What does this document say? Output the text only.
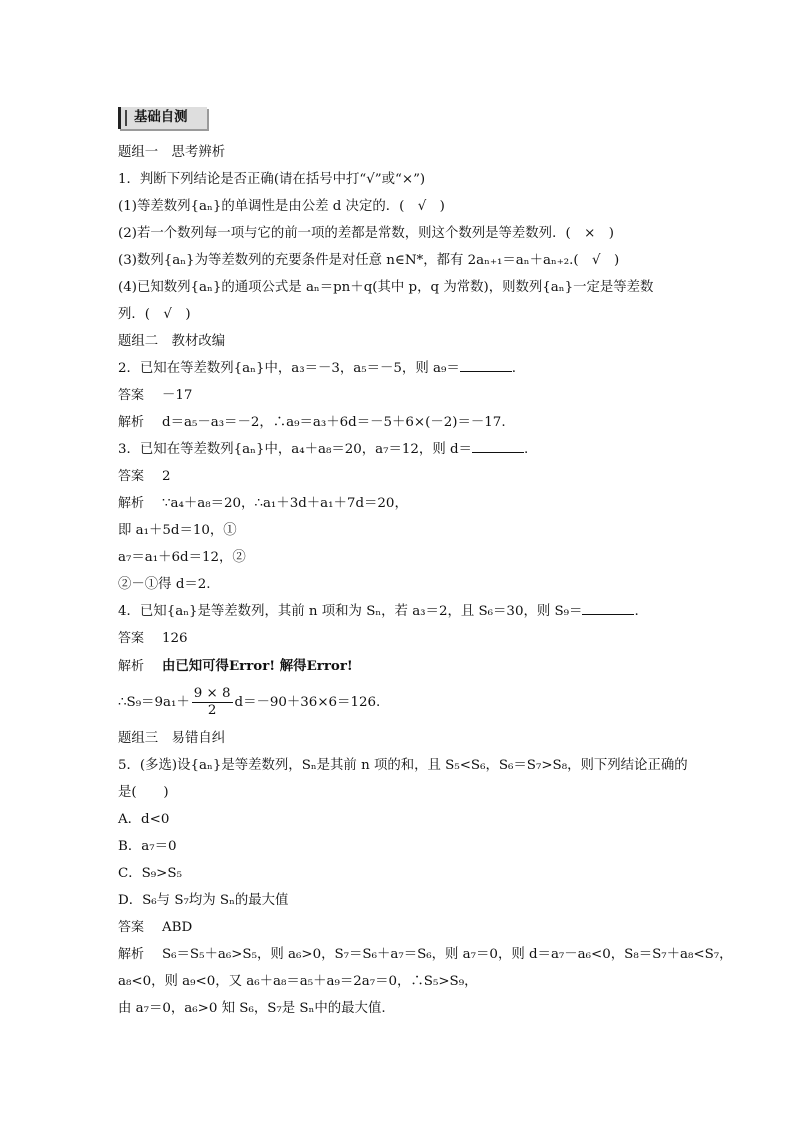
基础自测
题组一　思考辨析
1．判断下列结论是否正确(请在括号中打“√”或“×”)
(1)等差数列{aₙ}的单调性是由公差 d 决定的．(　√　)
(2)若一个数列每一项与它的前一项的差都是常数，则这个数列是等差数列．(　×　)
(3)数列{aₙ}为等差数列的充要条件是对任意 n∈N*，都有 2aₙ₊₁＝aₙ＋aₙ₊₂.(　√　)
(4)已知数列{aₙ}的通项公式是 aₙ＝pn＋q(其中 p，q 为常数)，则数列{aₙ}一定是等差数
列．(　√　)
题组二　教材改编
2．已知在等差数列{aₙ}中，a₃＝－3，a₅＝－5，则 a₉＝	.
答案 －17
解析 d＝a₅－a₃＝－2，∴a₉＝a₃＋6d＝－5＋6×(－2)＝－17.
3．已知在等差数列{aₙ}中，a₄＋a₈＝20，a₇＝12，则 d＝	.
答案 2
解析 ∵a₄＋a₈＝20，∴a₁＋3d＋a₁＋7d＝20，
即 a₁＋5d＝10，①
a₇＝a₁＋6d＝12，②
②－①得 d＝2.
4．已知{aₙ}是等差数列，其前 n 项和为 Sₙ，若 a₃＝2，且 S₆＝30，则 S₉＝	.
答案 126
解析 由已知可得Error! 解得Error!
∴S₉＝9a₁＋ $\frac{9 \times 8}{2} d=-90+36\times 6=126$.
题组三　易错自纠
5．(多选)设{aₙ}是等差数列，Sₙ是其前 n 项的和，且 S₅<S₆，S₆＝S₇>S₈，则下列结论正确的
是(　　)
A．d<0
B．a₇＝0
C．S₉>S₅
D．S₆与 S₇均为 Sₙ的最大值
答案 ABD
解析 S₆＝S₅＋a₆>S₅，则 a₆>0，S₇＝S₆＋a₇＝S₆，则 a₇＝0，则 d＝a₇－a₆<0，S₈＝S₇＋a₈<S₇，
a₈<0，则 a₉<0，又 a₆＋a₈＝a₅＋a₉＝2a₇＝0，∴S₅>S₉，
由 a₇＝0，a₆>0 知 S₆，S₇是 Sₙ中的最大值.
